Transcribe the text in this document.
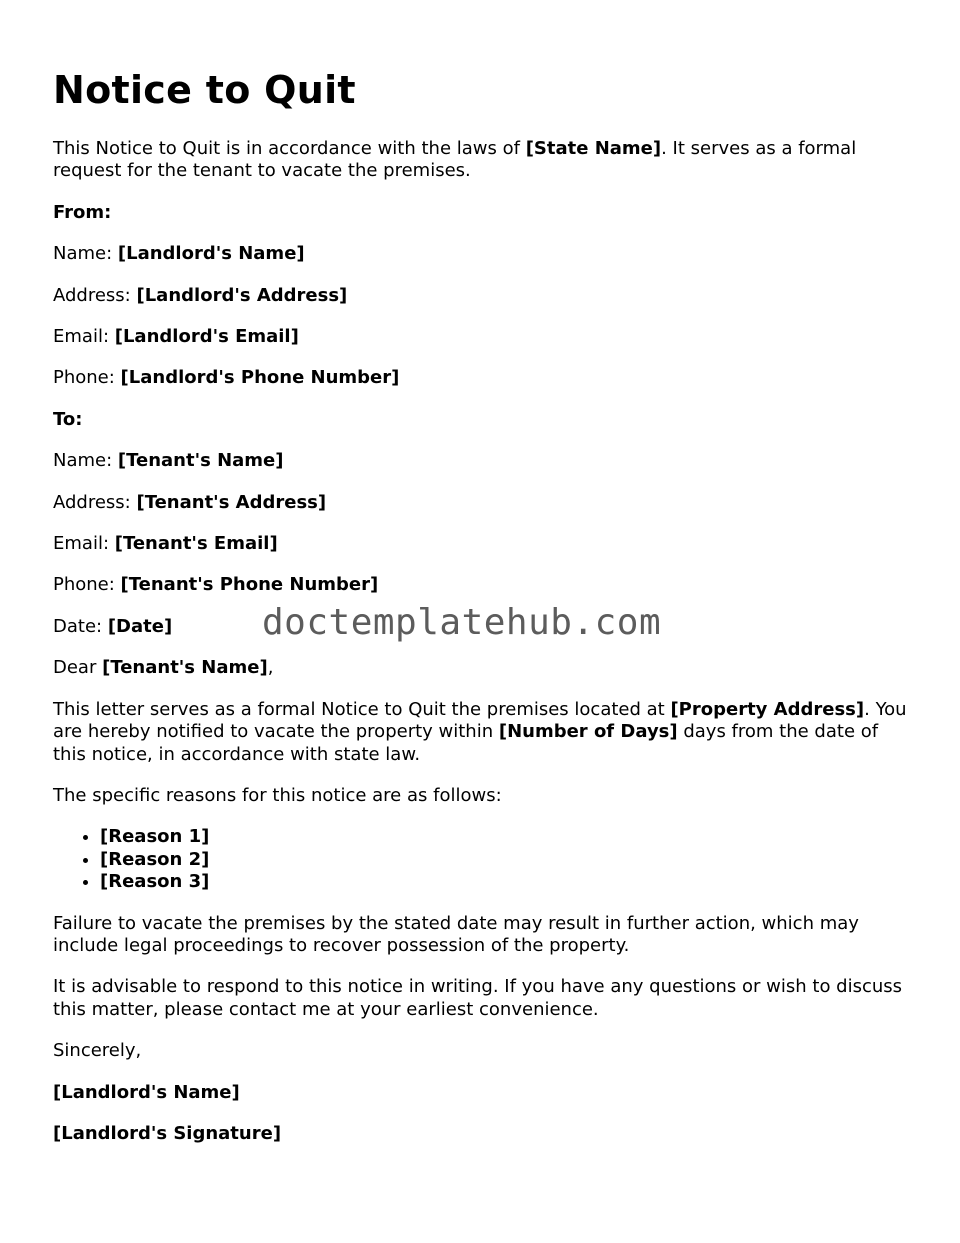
Notice to Quit

This Notice to Quit is in accordance with the laws of [State Name]. It serves as a formal request for the tenant to vacate the premises.

From:

Name: [Landlord's Name]

Address: [Landlord's Address]

Email: [Landlord's Email]

Phone: [Landlord's Phone Number]

To:

Name: [Tenant's Name]

Address: [Tenant's Address]

Email: [Tenant's Email]

Phone: [Tenant's Phone Number]

Date: [Date]

Dear [Tenant's Name],

This letter serves as a formal Notice to Quit the premises located at [Property Address]. You are hereby notified to vacate the property within [Number of Days] days from the date of this notice, in accordance with state law.

The specific reasons for this notice are as follows:

• [Reason 1]
• [Reason 2]
• [Reason 3]

Failure to vacate the premises by the stated date may result in further action, which may include legal proceedings to recover possession of the property.

It is advisable to respond to this notice in writing. If you have any questions or wish to discuss this matter, please contact me at your earliest convenience.

Sincerely,

[Landlord's Name]

[Landlord's Signature]

doctemplatehub.com
